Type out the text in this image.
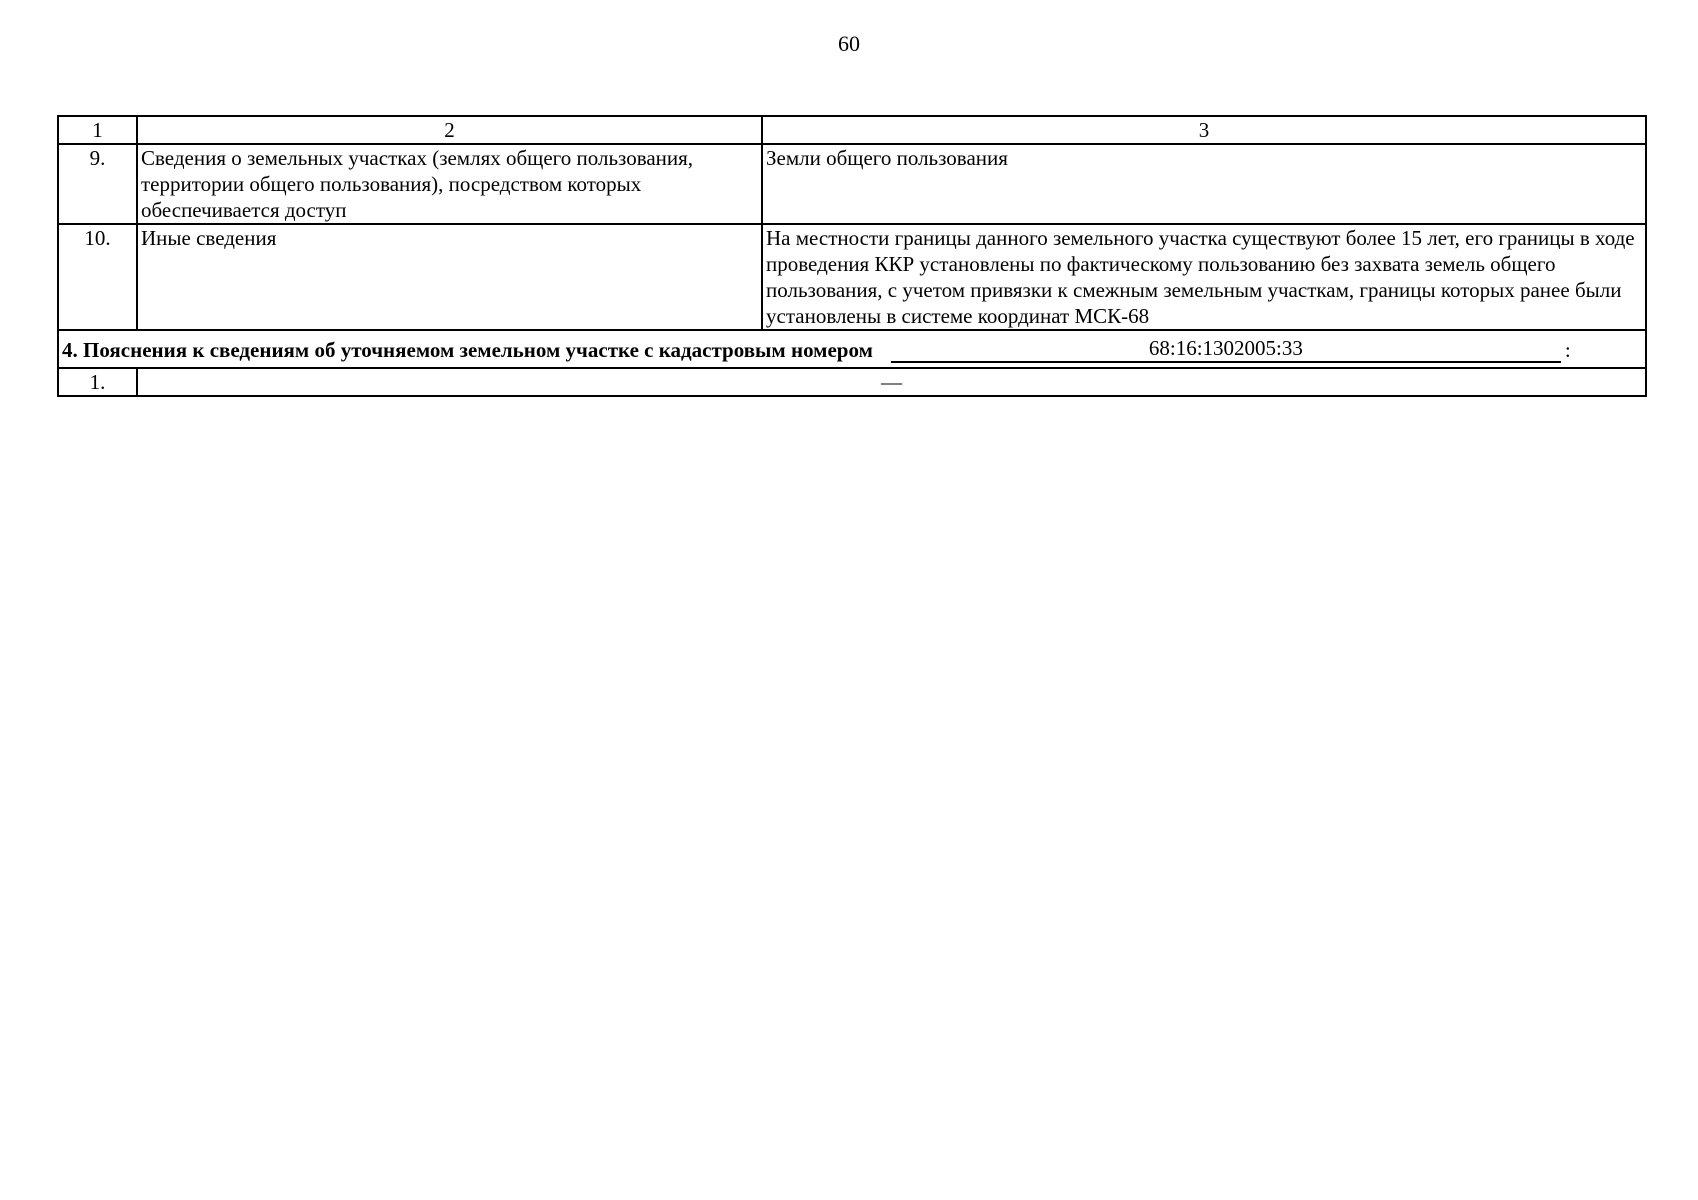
60
1	2	3
9.	Сведения о земельных участках (землях общего пользования, территории общего пользования), посредством которых обеспечивается доступ	Земли общего пользования
10.	Иные сведения	На местности границы данного земельного участка существуют более 15 лет, его границы в ходе проведения ККР установлены по фактическому пользованию без захвата земель общего пользования, с учетом привязки к смежным земельным участкам, границы которых ранее были установлены в системе координат МСК-68

4. Пояснения к сведениям об уточняемом земельном участке с кадастровым номером 68:16:1302005:33 :		

1.	—	
